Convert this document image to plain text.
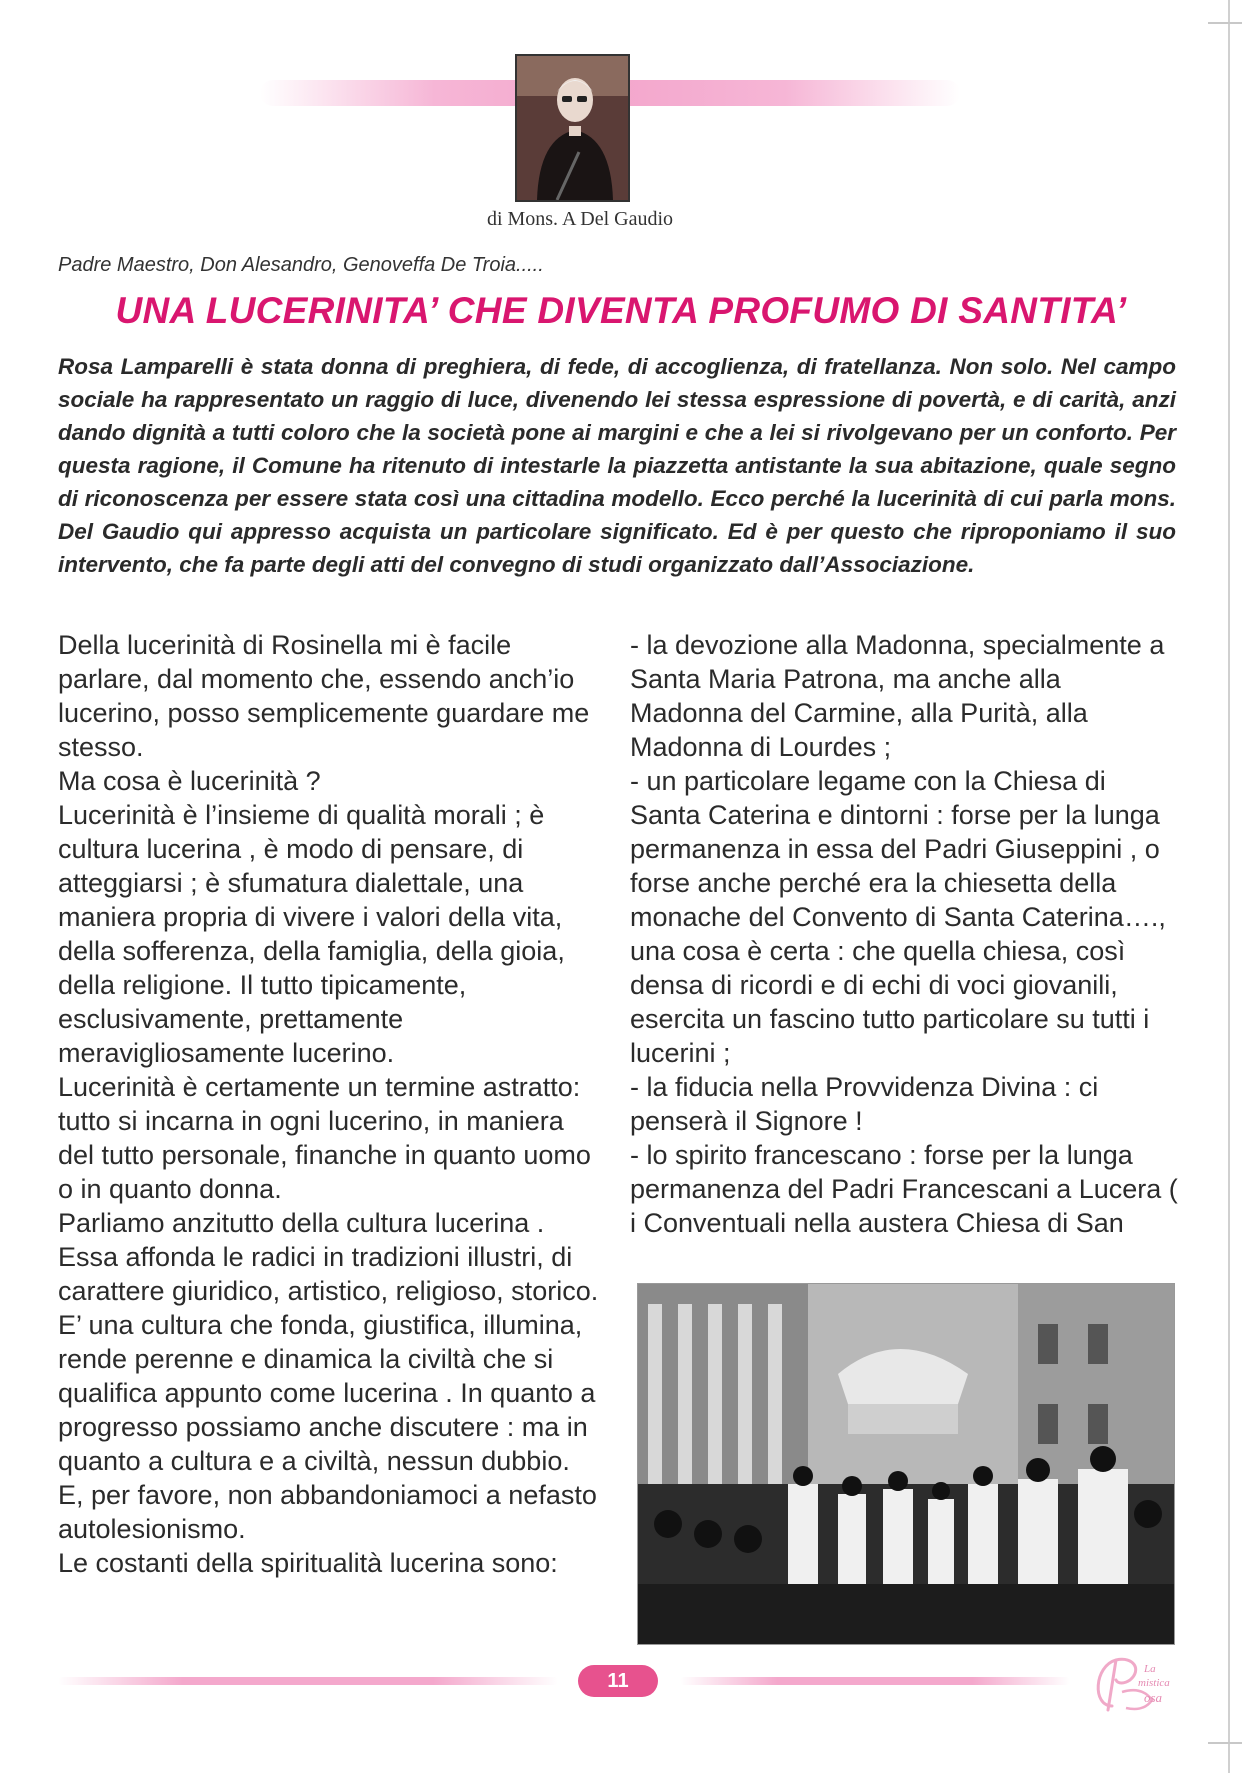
di Mons. A Del Gaudio
Padre Maestro, Don Alesandro, Genoveffa De Troia.....
UNA LUCERINITA’ CHE DIVENTA PROFUMO DI SANTITA’
Rosa Lamparelli è stata donna di preghiera, di fede, di accoglienza, di fratellanza. Non solo. Nel campo sociale ha rappresentato un raggio di luce, divenendo lei stessa espressione di povertà, e di carità, anzi dando dignità a tutti coloro che la società pone ai margini e che a lei si rivolgevano per un conforto. Per questa ragione, il Comune ha ritenuto di intestarle la piazzetta antistante la sua abitazione, quale segno di riconoscenza per essere stata così una cittadina modello. Ecco perché la lucerinità di cui parla mons. Del Gaudio qui appresso acquista un particolare significato. Ed è per questo che riproponiamo il suo intervento, che fa parte degli atti del convegno di studi organizzato dall’Associazione.

Della lucerinità di Rosinella mi è facile parlare, dal momento che, essendo anch’io lucerino, posso semplicemente guardare me stesso.

Ma cosa è lucerinità ?

Lucerinità è l’insieme di qualità morali ; è cultura lucerina , è modo di pensare, di atteggiarsi ; è sfumatura dialettale, una maniera propria di vivere i valori della vita, della sofferenza, della famiglia, della gioia, della religione. Il tutto tipicamente, esclusivamente, prettamente meravigliosamente lucerino.

Lucerinità è certamente un termine astratto: tutto si incarna in ogni lucerino, in maniera del tutto personale, finanche in quanto uomo o in quanto donna.

Parliamo anzitutto della cultura lucerina . Essa affonda le radici in tradizioni illustri, di carattere giuridico, artistico, religioso, storico. E’ una cultura che fonda, giustifica, illumina, rende perenne e dinamica la civiltà che si qualifica appunto come lucerina . In quanto a progresso possiamo anche discutere : ma in quanto a cultura e a civiltà, nessun dubbio.

E, per favore, non abbandoniamoci a nefasto autolesionismo.

Le costanti della spiritualità lucerina sono:

- la devozione alla Madonna, specialmente a Santa Maria Patrona, ma anche alla Madonna del Carmine, alla Purità, alla Madonna di Lourdes ;

- un particolare legame con la Chiesa di Santa Caterina e dintorni : forse per la lunga permanenza in essa del Padri Giuseppini , o forse anche perché era la chiesetta della monache del Convento di Santa Caterina…., una cosa è certa : che quella chiesa, così densa di ricordi e di echi di voci giovanili, esercita un fascino tutto particolare su tutti i lucerini ;

- la fiducia nella Provvidenza Divina : ci penserà il Signore !

- lo spirito francescano : forse per la lunga permanenza del Padri Francescani a Lucera ( i Conventuali nella austera Chiesa di San

11
La
mistica
osa
